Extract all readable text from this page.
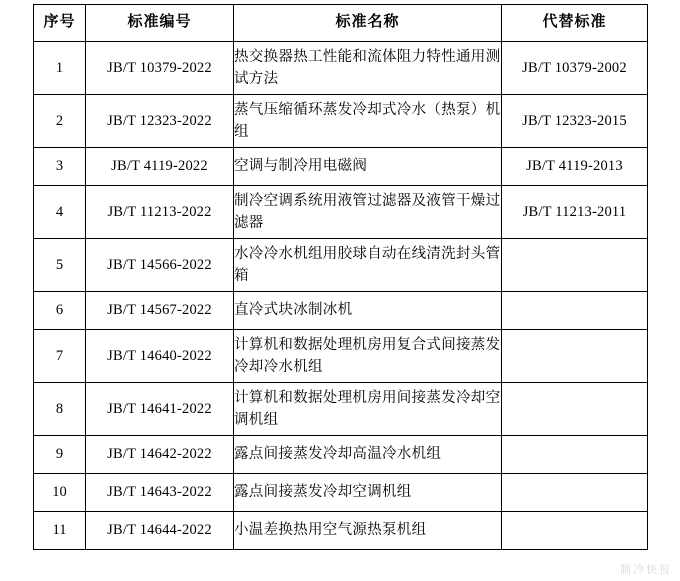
序号	标准编号	标准名称	代替标准
1	JB/T 10379-2022	热交换器热工性能和流体阻力特性通用测试方法	JB/T 10379-2002
2	JB/T 12323-2022	蒸气压缩循环蒸发冷却式冷水（热泵）机组	JB/T 12323-2015
3	JB/T 4119-2022	空调与制冷用电磁阀	JB/T 4119-2013
4	JB/T 11213-2022	制冷空调系统用液管过滤器及液管干燥过滤器	JB/T 11213-2011
5	JB/T 14566-2022	水冷冷水机组用胶球自动在线清洗封头管箱	
6	JB/T 14567-2022	直冷式块冰制冰机	
7	JB/T 14640-2022	计算机和数据处理机房用复合式间接蒸发冷却冷水机组	
8	JB/T 14641-2022	计算机和数据处理机房用间接蒸发冷却空调机组	
9	JB/T 14642-2022	露点间接蒸发冷却高温冷水机组	
10	JB/T 14643-2022	露点间接蒸发冷却空调机组	
11	JB/T 14644-2022	小温差换热用空气源热泵机组	
制冷快报
